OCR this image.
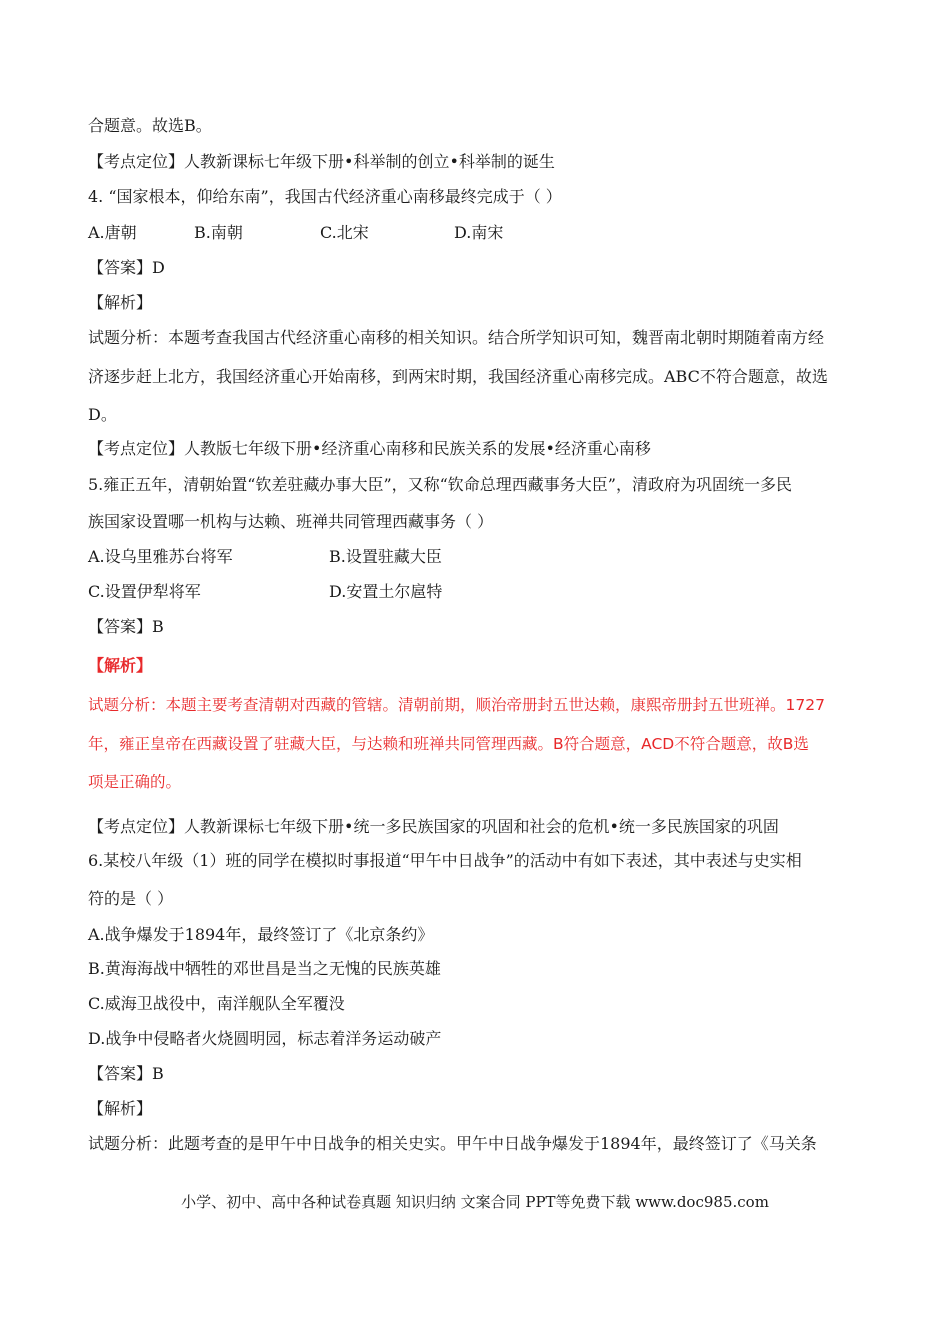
合题意。故选B。
【考点定位】人教新课标七年级下册•科举制的创立•科举制的诞生
4. “国家根本，仰给东南”，我国古代经济重心南移最终完成于（ ）
A.唐朝	B.南朝	C.北宋	D.南宋
【答案】D
【解析】
试题分析：本题考查我国古代经济重心南移的相关知识。结合所学知识可知，魏晋南北朝时期随着南方经
济逐步赶上北方，我国经济重心开始南移，到两宋时期，我国经济重心南移完成。ABC不符合题意，故选
D。
【考点定位】人教版七年级下册•经济重心南移和民族关系的发展•经济重心南移
5.雍正五年，清朝始置“钦差驻藏办事大臣”，又称“钦命总理西藏事务大臣”，清政府为巩固统一多民
族国家设置哪一机构与达赖、班禅共同管理西藏事务（ ）
A.设乌里雅苏台将军	B.设置驻藏大臣
C.设置伊犁将军	D.安置土尔扈特
【答案】B
【解析】
试题分析：本题主要考查清朝对西藏的管辖。清朝前期，顺治帝册封五世达赖，康熙帝册封五世班禅。1727
年，雍正皇帝在西藏设置了驻藏大臣，与达赖和班禅共同管理西藏。B符合题意，ACD不符合题意，故B选
项是正确的。
【考点定位】人教新课标七年级下册•统一多民族国家的巩固和社会的危机•统一多民族国家的巩固
6.某校八年级（1）班的同学在模拟时事报道“甲午中日战争”的活动中有如下表述，其中表述与史实相
符的是（ ）
A.战争爆发于1894年，最终签订了《北京条约》
B.黄海海战中牺牲的邓世昌是当之无愧的民族英雄
C.威海卫战役中，南洋舰队全军覆没
D.战争中侵略者火烧圆明园，标志着洋务运动破产
【答案】B
【解析】
试题分析：此题考查的是甲午中日战争的相关史实。甲午中日战争爆发于1894年，最终签订了《马关条
小学、初中、高中各种试卷真题 知识归纳 文案合同 PPT等免费下载 www.doc985.com
